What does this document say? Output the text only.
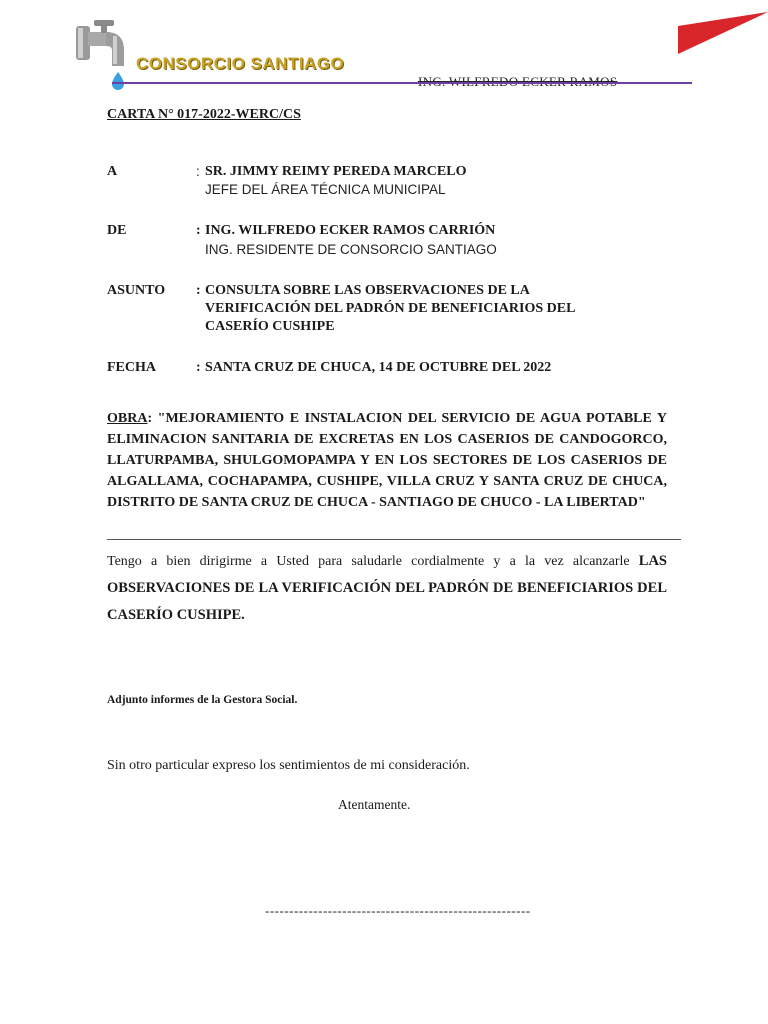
CONSORCIO SANTIAGO
CARTA N° 017-2022-WERC/CS
A	: SR. JIMMY REIMY PEREDA MARCELO
JEFE DEL ÁREA TÉCNICA MUNICIPAL
DE	: ING. WILFREDO ECKER RAMOS CARRIÓN
ING. RESIDENTE DE CONSORCIO SANTIAGO
ASUNTO : CONSULTA SOBRE LAS OBSERVACIONES DE LA
VERIFICACIÓN DEL PADRÓN DE BENEFICIARIOS DEL
CASERÍO CUSHIPE
FECHA	: SANTA CRUZ DE CHUCA, 14 DE OCTUBRE DEL 2022
OBRA: "MEJORAMIENTO E INSTALACION DEL SERVICIO DE AGUA POTABLE Y ELIMINACION SANITARIA DE EXCRETAS EN LOS CASERIOS DE CANDOGORCO, LLATURPAMBA, SHULGOMOPAMPA Y EN LOS SECTORES DE LOS CASERIOS DE ALGALLAMA, COCHAPAMPA, CUSHIPE, VILLA CRUZ Y SANTA CRUZ DE CHUCA, DISTRITO DE SANTA CRUZ DE CHUCA - SANTIAGO DE CHUCO - LA LIBERTAD"
Tengo a bien dirigirme a Usted para saludarle cordialmente y a la vez alcanzarle LAS OBSERVACIONES DE LA VERIFICACIÓN DEL PADRÓN DE BENEFICIARIOS DEL CASERÍO CUSHIPE.
Adjunto informes de la Gestora Social.
Sin otro particular expreso los sentimientos de mi consideración.
Atentamente.
-------------------------------------------------------
